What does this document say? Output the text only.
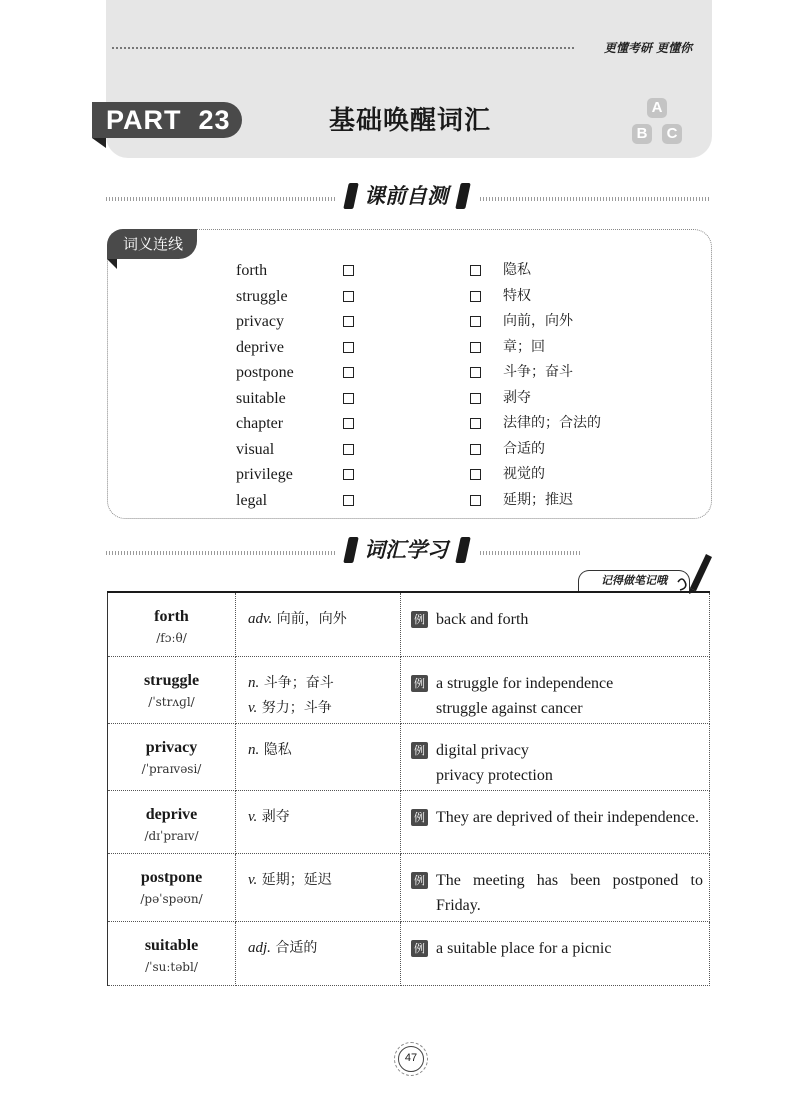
更懂考研 更懂你
PART  23	基础唤醒词汇	A
B	C
课前自测
词义连线
forth	隐私
struggle	特权
privacy	向前，向外
deprive	章；回
postpone	斗争；奋斗
suitable	剥夺
chapter	法律的；合法的
visual	合适的
privilege	视觉的
legal	延期；推迟
词汇学习
记得做笔记哦
forth
/fɔːθ/	adv. 向前，向外	例 back and forth

struggle
/ˈstrʌɡl/	n. 斗争；奋斗
v. 努力；斗争	例 a struggle for independence
struggle against cancer

privacy
/ˈpraɪvəsi/	n. 隐私	例 digital privacy
privacy protection

deprive
/dɪˈpraɪv/	v. 剥夺	例 They are deprived of their independence.

postpone
/pəˈspəʊn/	v. 延期；延迟	例 The meeting has been postponed to Friday.

suitable
/ˈsuːtəbl/	adj. 合适的	例 a suitable place for a picnic
47
